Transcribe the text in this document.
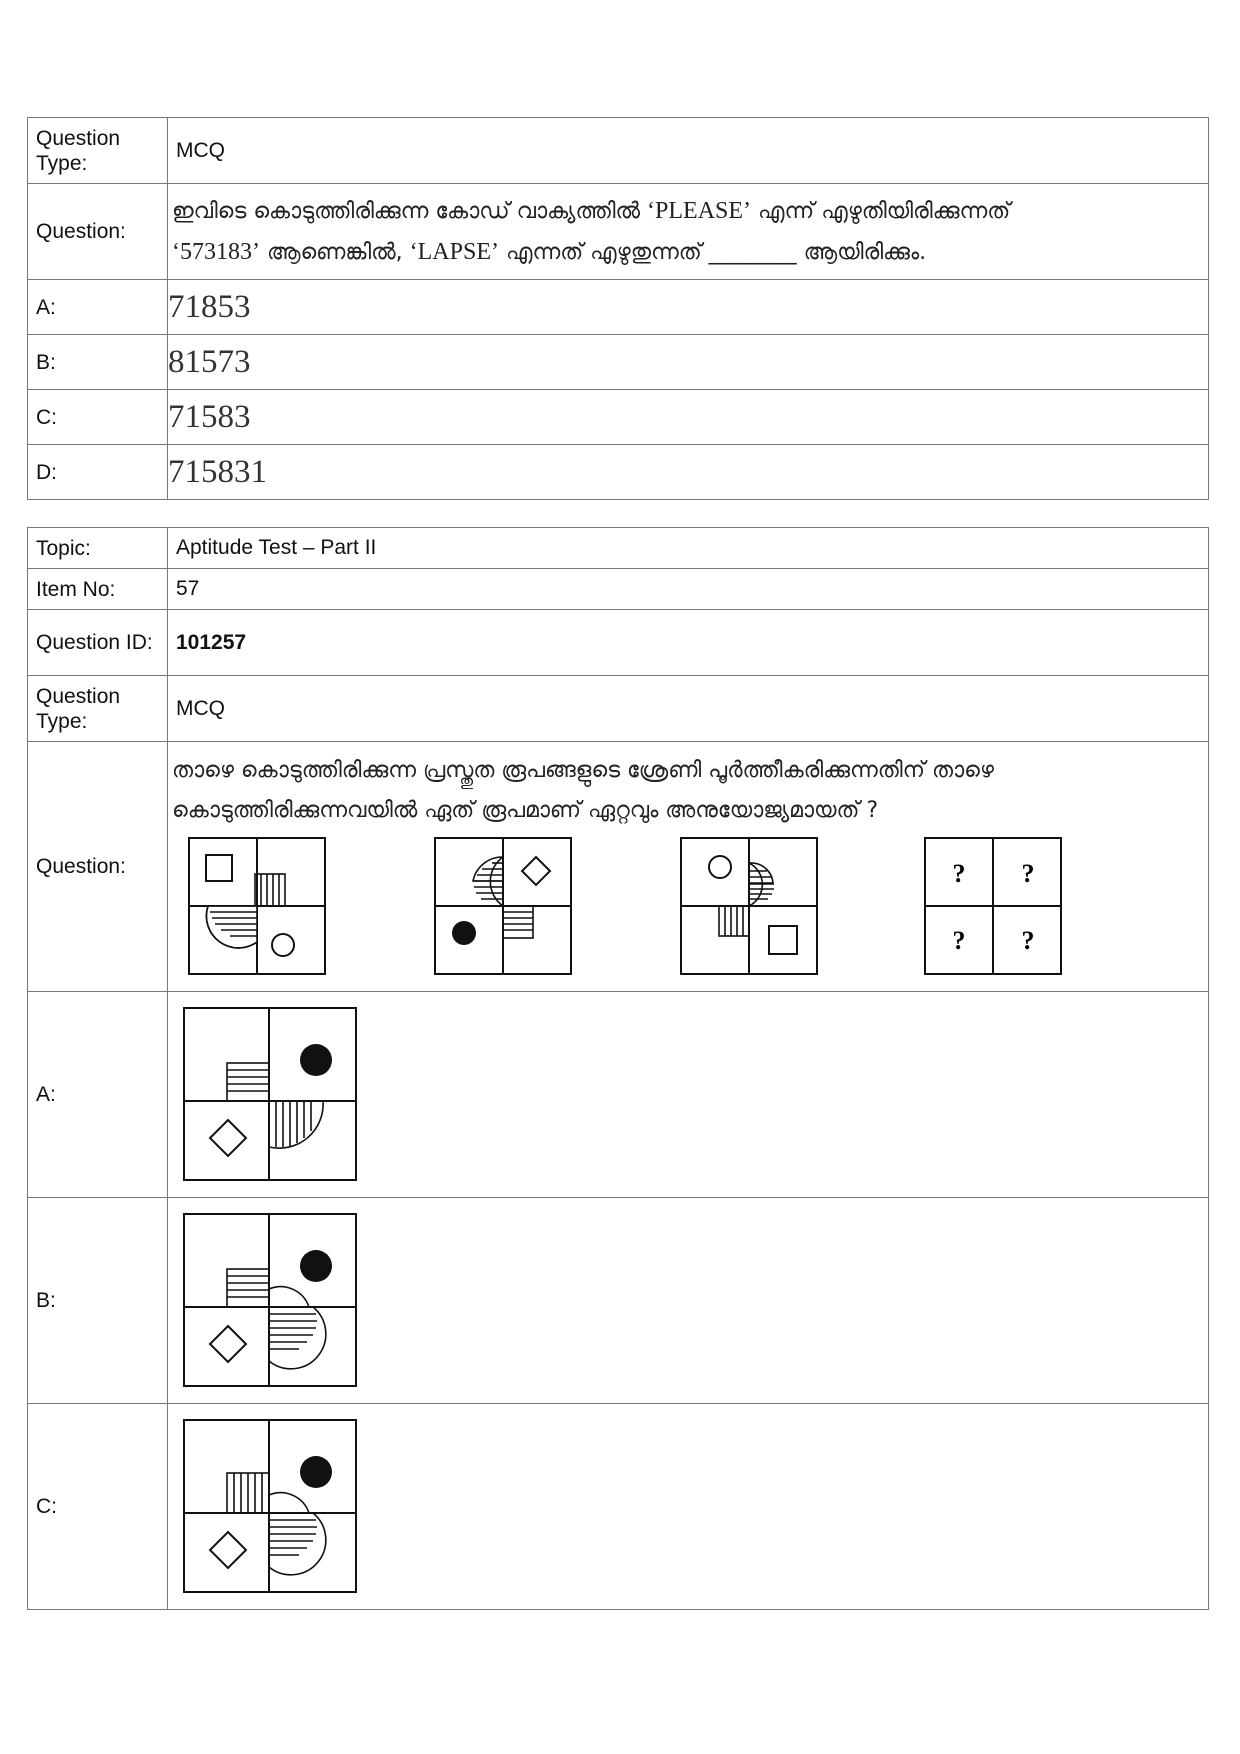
Question Type:	MCQ
Question:	ഇവിടെ കൊടുത്തിരിക്കുന്ന കോഡ് വാക്യത്തിൽ ‘PLEASE’ എന്ന് എഴുതിയിരിക്കുന്നത്
‘573183’ ആണെങ്കിൽ, ‘LAPSE’ എന്നത് എഴുതുന്നത് ________ ആയിരിക്കും.

A:	71853
B:	81573
C:	71583
D:	715831
Topic:	Aptitude Test – Part II
Item No:	57
Question ID:	101257
Question Type:	MCQ
Question:	താഴെ കൊടുത്തിരിക്കുന്ന പ്രസ്തുത രൂപങ്ങളുടെ ശ്രേണി പൂർത്തീകരിക്കുന്നതിന് താഴെ കൊടുത്തിരിക്കുന്നവയിൽ ഏത് രൂപമാണ് ഏറ്റവും അനുയോജ്യമായത് ?
? ?
? ?

A:	

B:	

C:	
